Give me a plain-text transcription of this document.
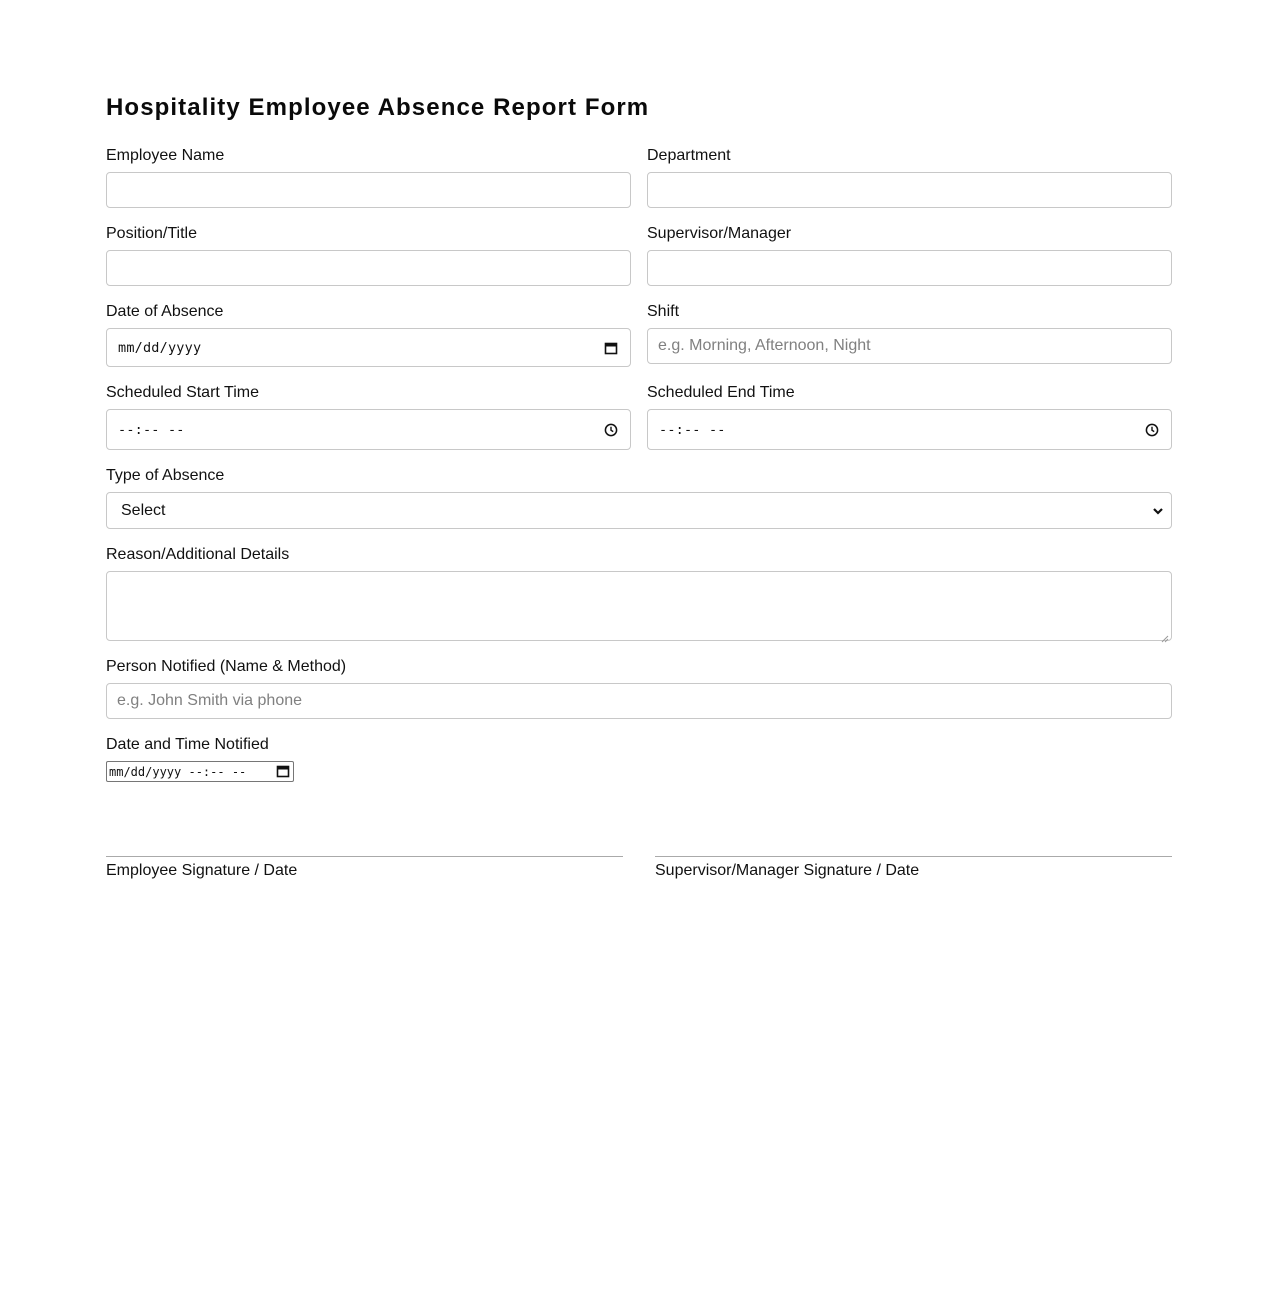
Hospitality Employee Absence Report Form
Employee Name	Department
Position/Title	Supervisor/Manager
Date of Absence
mm/dd/yyyy
Shift
e.g. Morning, Afternoon, Night
Scheduled Start Time
--:-- --
Scheduled End Time
--:-- --
Type of Absence
Select
Reason/Additional Details
Person Notified (Name & Method)
e.g. John Smith via phone
Date and Time Notified
mm/dd/yyyy --:-- --
Employee Signature / Date	Supervisor/Manager Signature / Date
